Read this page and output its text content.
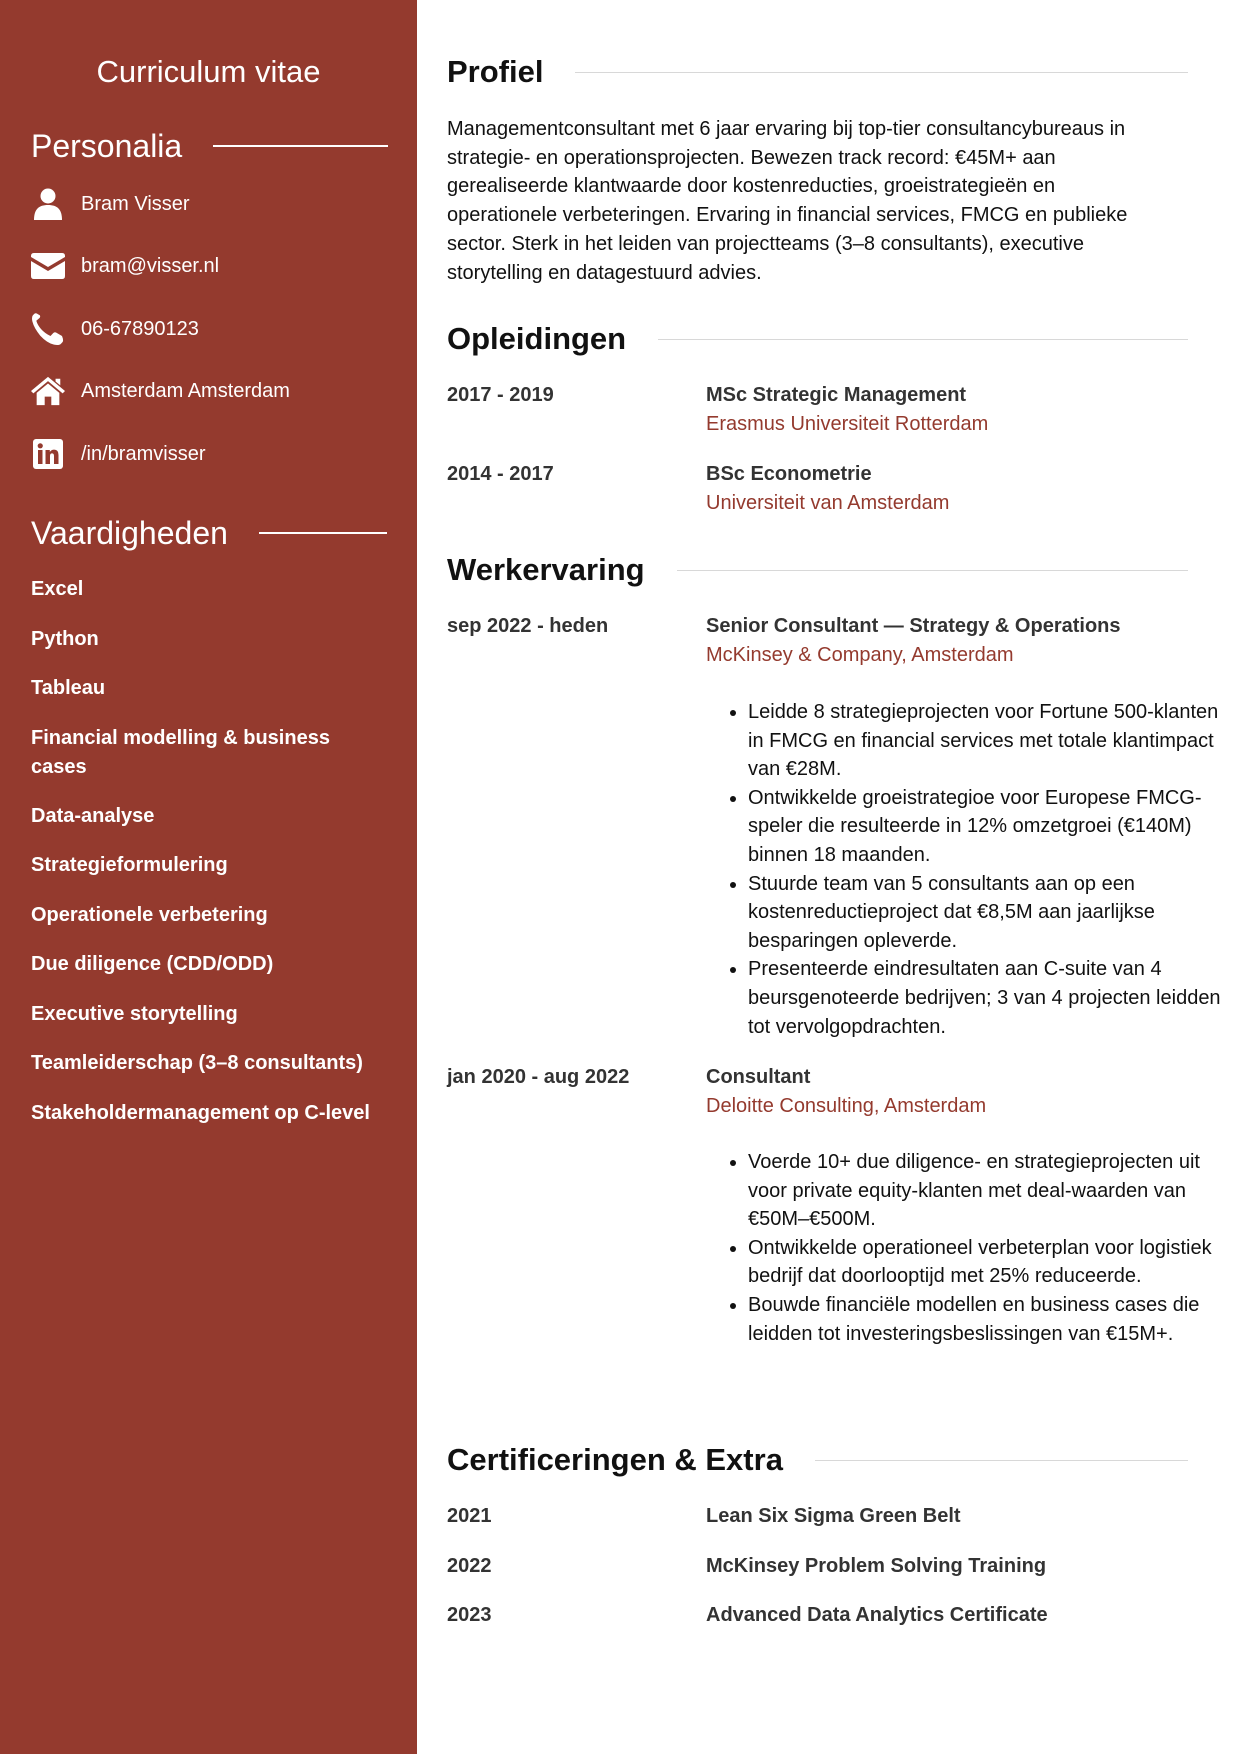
Curriculum vitae
Personalia
Bram Visser
bram@visser.nl
06-67890123
Amsterdam Amsterdam
/in/bramvisser
Vaardigheden
Excel
Python
Tableau
Financial modelling & business cases
Data-analyse
Strategieformulering
Operationele verbetering
Due diligence (CDD/ODD)
Executive storytelling
Teamleiderschap (3–8 consultants)
Stakeholdermanagement op C-level
Profiel
Managementconsultant met 6 jaar ervaring bij top-tier consultancybureaus in strategie- en operationsprojecten. Bewezen track record: €45M+ aan gerealiseerde klantwaarde door kostenreducties, groeistrategieën en operationele verbeteringen. Ervaring in financial services, FMCG en publieke sector. Sterk in het leiden van projectteams (3–8 consultants), executive storytelling en datagestuurd advies.
Opleidingen
2017 - 2019	MSc Strategic Management
Erasmus Universiteit Rotterdam
2014 - 2017	BSc Econometrie
Universiteit van Amsterdam
Werkervaring
sep 2022 - heden	Senior Consultant — Strategy & Operations
McKinsey & Company, Amsterdam
• Leidde 8 strategieprojecten voor Fortune 500-klanten in FMCG en financial services met totale klantimpact van €28M.
• Ontwikkelde groeistrategioe voor Europese FMCG-speler die resulteerde in 12% omzetgroei (€140M) binnen 18 maanden.
• Stuurde team van 5 consultants aan op een kostenreductieproject dat €8,5M aan jaarlijkse besparingen opleverde.
• Presenteerde eindresultaten aan C-suite van 4 beursgenoteerde bedrijven; 3 van 4 projecten leidden tot vervolgopdrachten.
jan 2020 - aug 2022	Consultant
Deloitte Consulting, Amsterdam
• Voerde 10+ due diligence- en strategieprojecten uit voor private equity-klanten met deal-waarden van €50M–€500M.
• Ontwikkelde operationeel verbeterplan voor logistiek bedrijf dat doorlooptijd met 25% reduceerde.
• Bouwde financiële modellen en business cases die leidden tot investeringsbeslissingen van €15M+.
Certificeringen & Extra
2021	Lean Six Sigma Green Belt
2022	McKinsey Problem Solving Training
2023	Advanced Data Analytics Certificate
